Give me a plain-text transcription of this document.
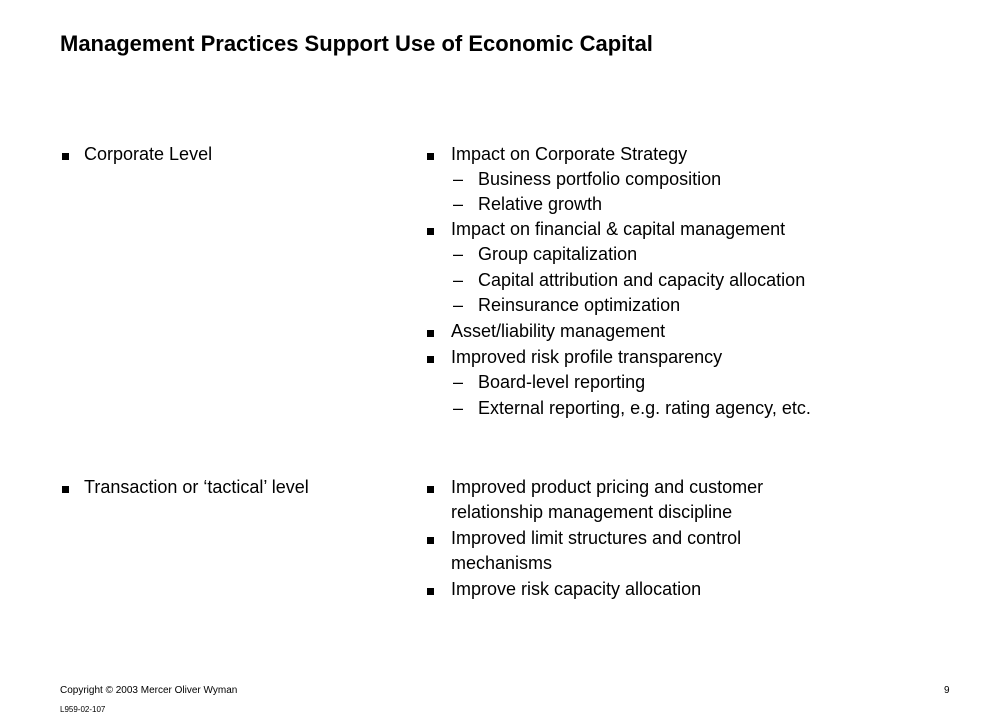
Management Practices Support Use of Economic Capital
Corporate Level	Impact on Corporate Strategy
– Business portfolio composition
– Relative growth
Impact on financial & capital management
– Group capitalization
– Capital attribution and capacity allocation
– Reinsurance optimization
Asset/liability management
Improved risk profile transparency
– Board-level reporting
– External reporting, e.g. rating agency, etc.
Transaction or ‘tactical’ level	Improved product pricing and customer
relationship management discipline
Improved limit structures and control
mechanisms
Improve risk capacity allocation
Copyright © 2003 Mercer Oliver Wyman
L959-02-107
9
